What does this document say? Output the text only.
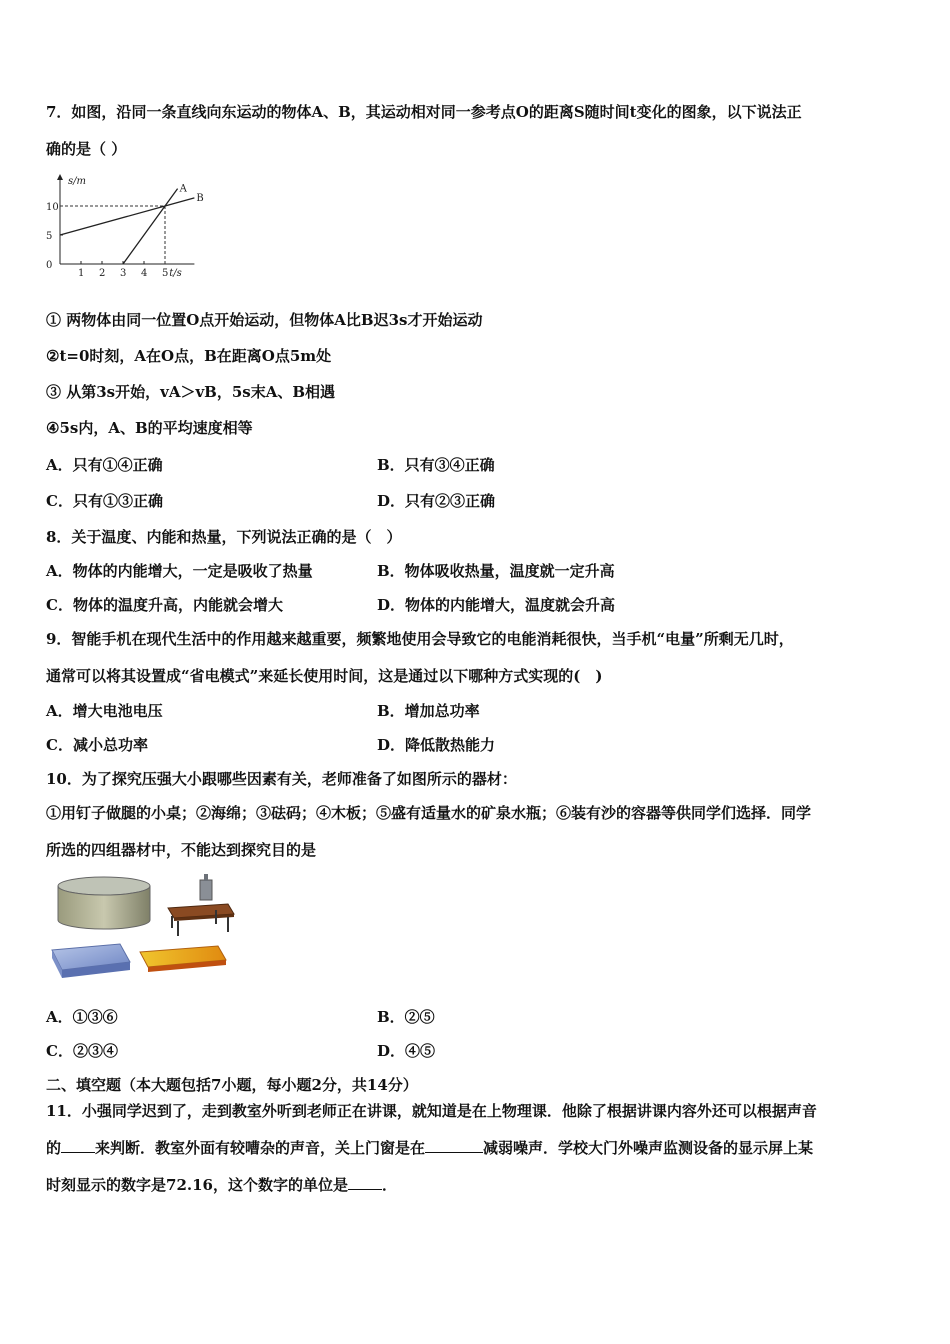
7．如图，沿同一条直线向东运动的物体A、B，其运动相对同一参考点O的距离S随时间t变化的图象，以下说法正
确的是（ ）
s/m
t/s
1 2 3 4 5
0
5
10
A
B
① 两物体由同一位置O点开始运动，但物体A比B迟3s才开始运动
②t=0时刻，A在O点，B在距离O点5m处
③ 从第3s开始，vA＞vB，5s末A、B相遇
④5s内，A、B的平均速度相等
A．只有①④正确	B．只有③④正确
C．只有①③正确	D．只有②③正确
8．关于温度、内能和热量，下列说法正确的是（　）
A．物体的内能增大，一定是吸收了热量	B．物体吸收热量，温度就一定升高
C．物体的温度升高，内能就会增大	D．物体的内能增大，温度就会升高
9．智能手机在现代生活中的作用越来越重要，频繁地使用会导致它的电能消耗很快，当手机“电量”所剩无几时，
通常可以将其设置成“省电模式”来延长使用时间，这是通过以下哪种方式实现的(　)
A．增大电池电压	B．增加总功率
C．减小总功率	D．降低散热能力
10．为了探究压强大小跟哪些因素有关，老师准备了如图所示的器材：
①用钉子做腿的小桌；②海绵；③砝码；④木板；⑤盛有适量水的矿泉水瓶；⑥装有沙的容器等供同学们选择．同学
所选的四组器材中，不能达到探究目的是
A．①③⑥	B．②⑤
C．②③④	D．④⑤
二、填空题（本大题包括7小题，每小题2分，共14分）
11．小强同学迟到了，走到教室外听到老师正在讲课，就知道是在上物理课．他除了根据讲课内容外还可以根据声音
的 来判断．教室外面有较嘈杂的声音，关上门窗是在	减弱噪声．学校大门外噪声监测设备的显示屏上某
时刻显示的数字是72.16，这个数字的单位是 ．
